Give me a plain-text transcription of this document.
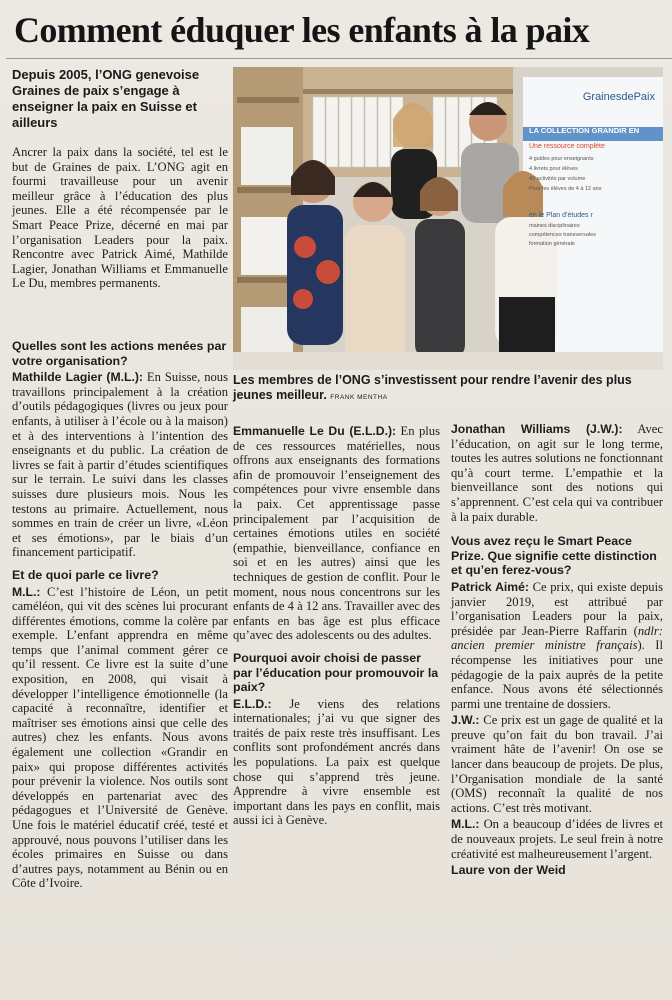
Comment éduquer les enfants à la paix
Depuis 2005, l’ONG genevoise Graines de paix s’engage à enseigner la paix en Suisse et ailleurs

Ancrer la paix dans la société, tel est le but de Graines de paix. L’ONG agit en fourmi travailleuse pour un avenir meilleur grâce à l’éducation des plus jeunes. Elle a été récompensée par le Smart Peace Prize, décerné en mai par l’organisation Leaders pour la paix. Rencontre avec Patrick Aimé, Mathilde Lagier, Jonathan Williams et Emmanuelle Le Du, membres permanents.

Quelles sont les actions menées par votre organisation?

Mathilde Lagier (M.L.): En Suisse, nous travaillons principalement à la création d’outils pédagogiques (livres ou jeux pour enfants, à utiliser à l’école ou à la maison) et à des interventions à l’intention des enseignants et du public. La création de livres se fait à partir d’études scientifiques sur le terrain. Le suivi dans les classes suisses dure plusieurs mois. Nous les testons au primaire. Actuellement, nous sommes en train de créer un livre, «Léon et ses émotions», par le biais d’un financement participatif.

Et de quoi parle ce livre?

M.L.: C’est l’histoire de Léon, un petit caméléon, qui vit des scènes lui procurant différentes émotions, comme la colère par exemple. L’enfant apprendra en même temps que l’animal comment gérer ce qu’il ressent. Ce livre est la suite d’une exposition, en 2008, qui visait à développer l’intelligence émotionnelle (la capacité à reconnaître, identifier et maîtriser ses émotions ainsi que celle des autres) chez les enfants. Nous avons également une collection «Grandir en paix» qui propose différentes activités pour prévenir la violence. Nos outils sont développés en partenariat avec des pédagogues et l’Université de Genève. Une fois le matériel éducatif créé, testé et approuvé, nous pouvons l’utiliser dans les écoles primaires en Suisse ou dans d’autres pays, notamment au Bénin ou en Côte d’Ivoire.

GrainesdePaix
LA COLLECTION GRANDIR EN
Une ressource complète
4 guides pour enseignants
4 livrets pour élèves
43 activités par volume
Pour les élèves de 4 à 12 ans
en le Plan d’études r
maines disciplinaires
compétences transversales
formation générale
Les membres de l’ONG s’investissent pour rendre l’avenir des plus jeunes meilleur. FRANK MENTHA

Emmanuelle Le Du (E.L.D.): En plus de ces ressources matérielles, nous offrons aux enseignants des formations afin de promouvoir l’enseignement des compétences pour vivre ensemble dans la paix. Cet apprentissage passe principalement par l’acquisition de certaines émotions utiles en société (empathie, bienveillance, confiance en soi et en les autres) ainsi que les techniques de gestion de conflit. Pour le moment, nous nous concentrons sur les enfants de 4 à 12 ans. Travailler avec des enfants en bas âge est plus efficace qu’avec des adolescents ou des adultes.

Pourquoi avoir choisi de passer par l’éducation pour promouvoir la paix?

E.L.D.: Je viens des relations internationales; j’ai vu que signer des traités de paix reste très insuffisant. Les conflits sont profondément ancrés dans les populations. La paix est quelque chose qui s’apprend très jeune. Apprendre à vivre ensemble est important dans les pays en conflit, mais aussi ici à Genève.

Jonathan Williams (J.W.): Avec l’éducation, on agit sur le long terme, toutes les autres solutions ne fonctionnant qu’à court terme. L’empathie et la bienveillance sont des notions qui s’apprennent. C’est cela qui va contribuer à la paix durable.

Vous avez reçu le Smart Peace Prize. Que signifie cette distinction et qu’en ferez-vous?

Patrick Aimé: Ce prix, qui existe depuis janvier 2019, est attribué par l’organisation Leaders pour la paix, présidée par Jean-Pierre Raffarin (ndlr: ancien premier ministre français). Il récompense les initiatives pour une pédagogie de la paix auprès de la petite enfance. Nous avons été sélectionnés parmi une trentaine de dossiers.

J.W.: Ce prix est un gage de qualité et la preuve qu’on fait du bon travail. J’ai vraiment hâte de l’avenir! On ose se lancer dans beaucoup de projets. De plus, l’Organisation mondiale de la santé (OMS) reconnaît la qualité de nos actions. C’est très motivant.

M.L.: On a beaucoup d’idées de livres et de nouveaux projets. Le seul frein à notre créativité est malheureusement l’argent.

Laure von der Weid
